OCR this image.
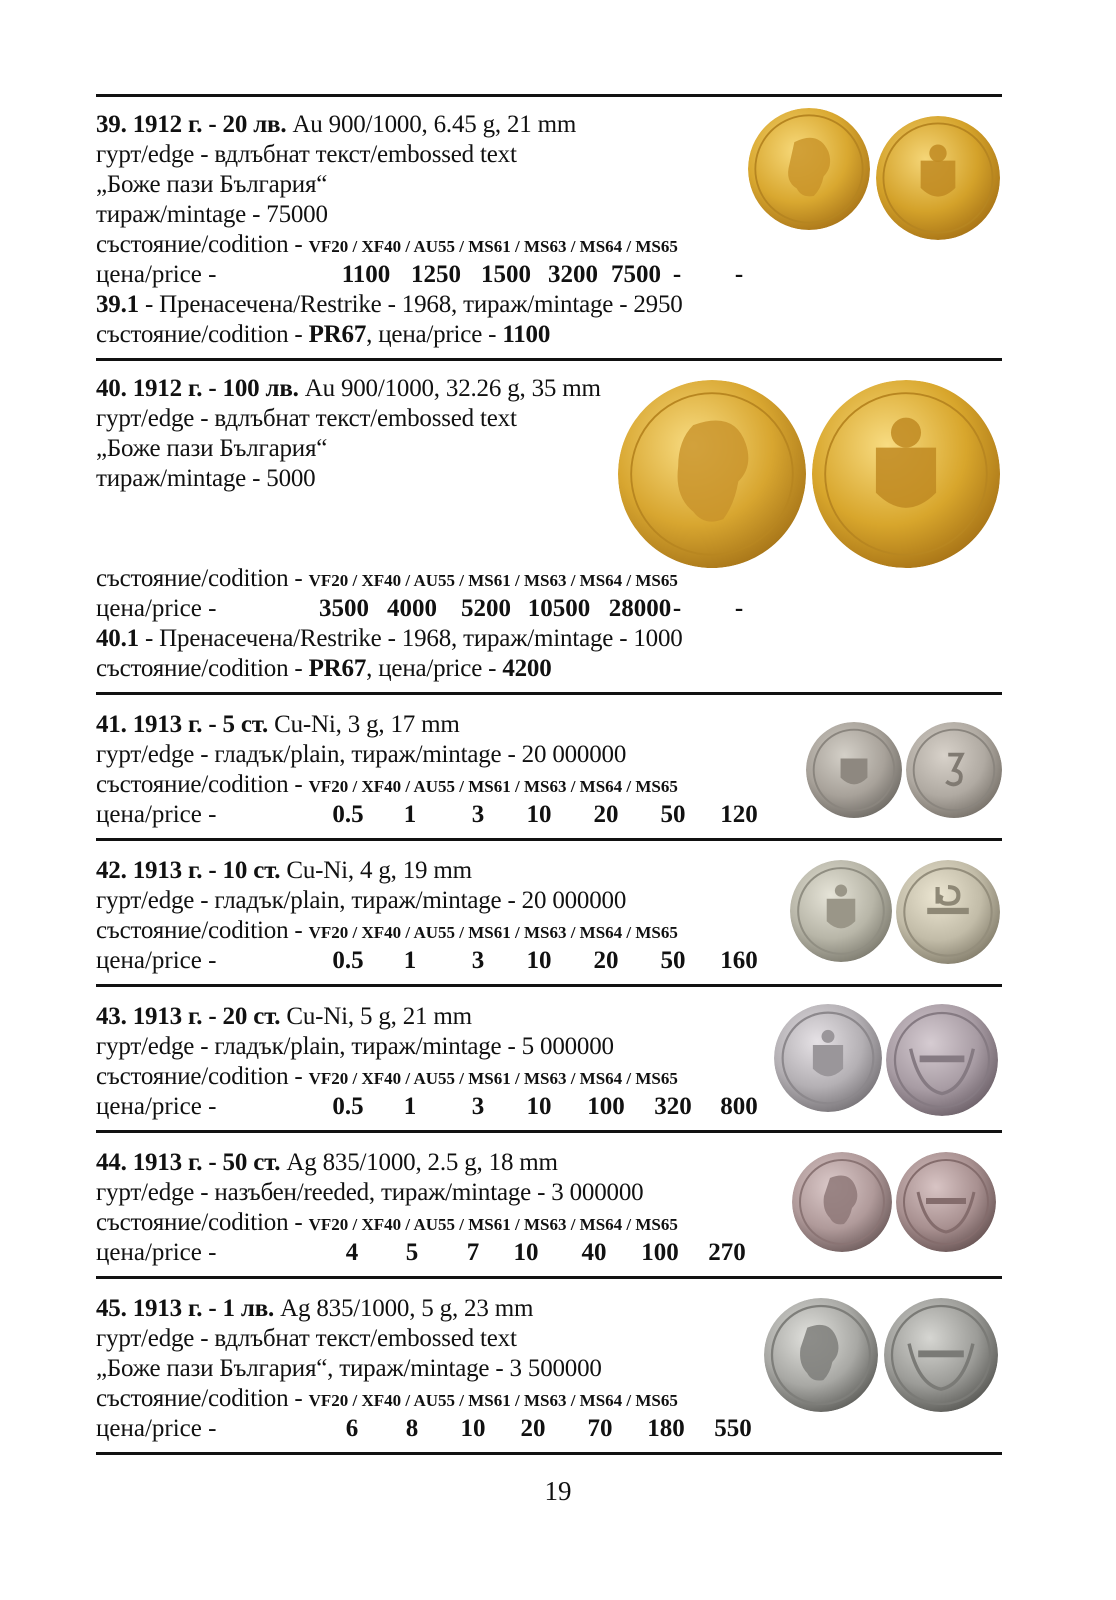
39. 1912 г. - 20 лв. Au 900/1000, 6.45 g, 21 mm
гурт/edge - вдлъбнат текст/embossed text
„Боже пази България“
тираж/mintage - 75000
състояние/codition - VF20 / XF40 / AU55 / MS61 / MS63 / MS64 / MS65
цена/price -	1100 1250 1500 3200 7500 -	-
39.1 - Пренасечена/Restrike - 1968, тираж/mintage - 2950
състояние/codition - PR67, цена/price - 1100
40. 1912 г. - 100 лв. Au 900/1000, 32.26 g, 35 mm
гурт/edge - вдлъбнат текст/embossed text
„Боже пази България“
тираж/mintage - 5000
състояние/codition - VF20 / XF40 / AU55 / MS61 / MS63 / MS64 / MS65
цена/price -	3500 4000 5200 10500 28000 -	-
40.1 - Пренасечена/Restrike - 1968, тираж/mintage - 1000
състояние/codition - PR67, цена/price - 4200
41. 1913 г. - 5 ст. Cu-Ni, 3 g, 17 mm
гурт/edge - гладък/plain, тираж/mintage - 20 000000
състояние/codition - VF20 / XF40 / AU55 / MS61 / MS63 / MS64 / MS65
цена/price -	0.5	1	3	10	20	50	120
42. 1913 г. - 10 ст. Cu-Ni, 4 g, 19 mm
гурт/edge - гладък/plain, тираж/mintage - 20 000000
състояние/codition - VF20 / XF40 / AU55 / MS61 / MS63 / MS64 / MS65
цена/price -	0.5	1	3	10	20	50	160
43. 1913 г. - 20 ст. Cu-Ni, 5 g, 21 mm
гурт/edge - гладък/plain, тираж/mintage - 5 000000
състояние/codition - VF20 / XF40 / AU55 / MS61 / MS63 / MS64 / MS65
цена/price -	0.5	1	3	10	100	320	800
44. 1913 г. - 50 ст. Ag 835/1000, 2.5 g, 18 mm
гурт/edge - назъбен/reeded, тираж/mintage - 3 000000
състояние/codition - VF20 / XF40 / AU55 / MS61 / MS63 / MS64 / MS65
цена/price -	4	5	7	10	40	100	270
45. 1913 г. - 1 лв. Ag 835/1000, 5 g, 23 mm
гурт/edge - вдлъбнат текст/embossed text
„Боже пази България“, тираж/mintage - 3 500000
състояние/codition - VF20 / XF40 / AU55 / MS61 / MS63 / MS64 / MS65
цена/price -	6	8	10	20	70	180	550
19
